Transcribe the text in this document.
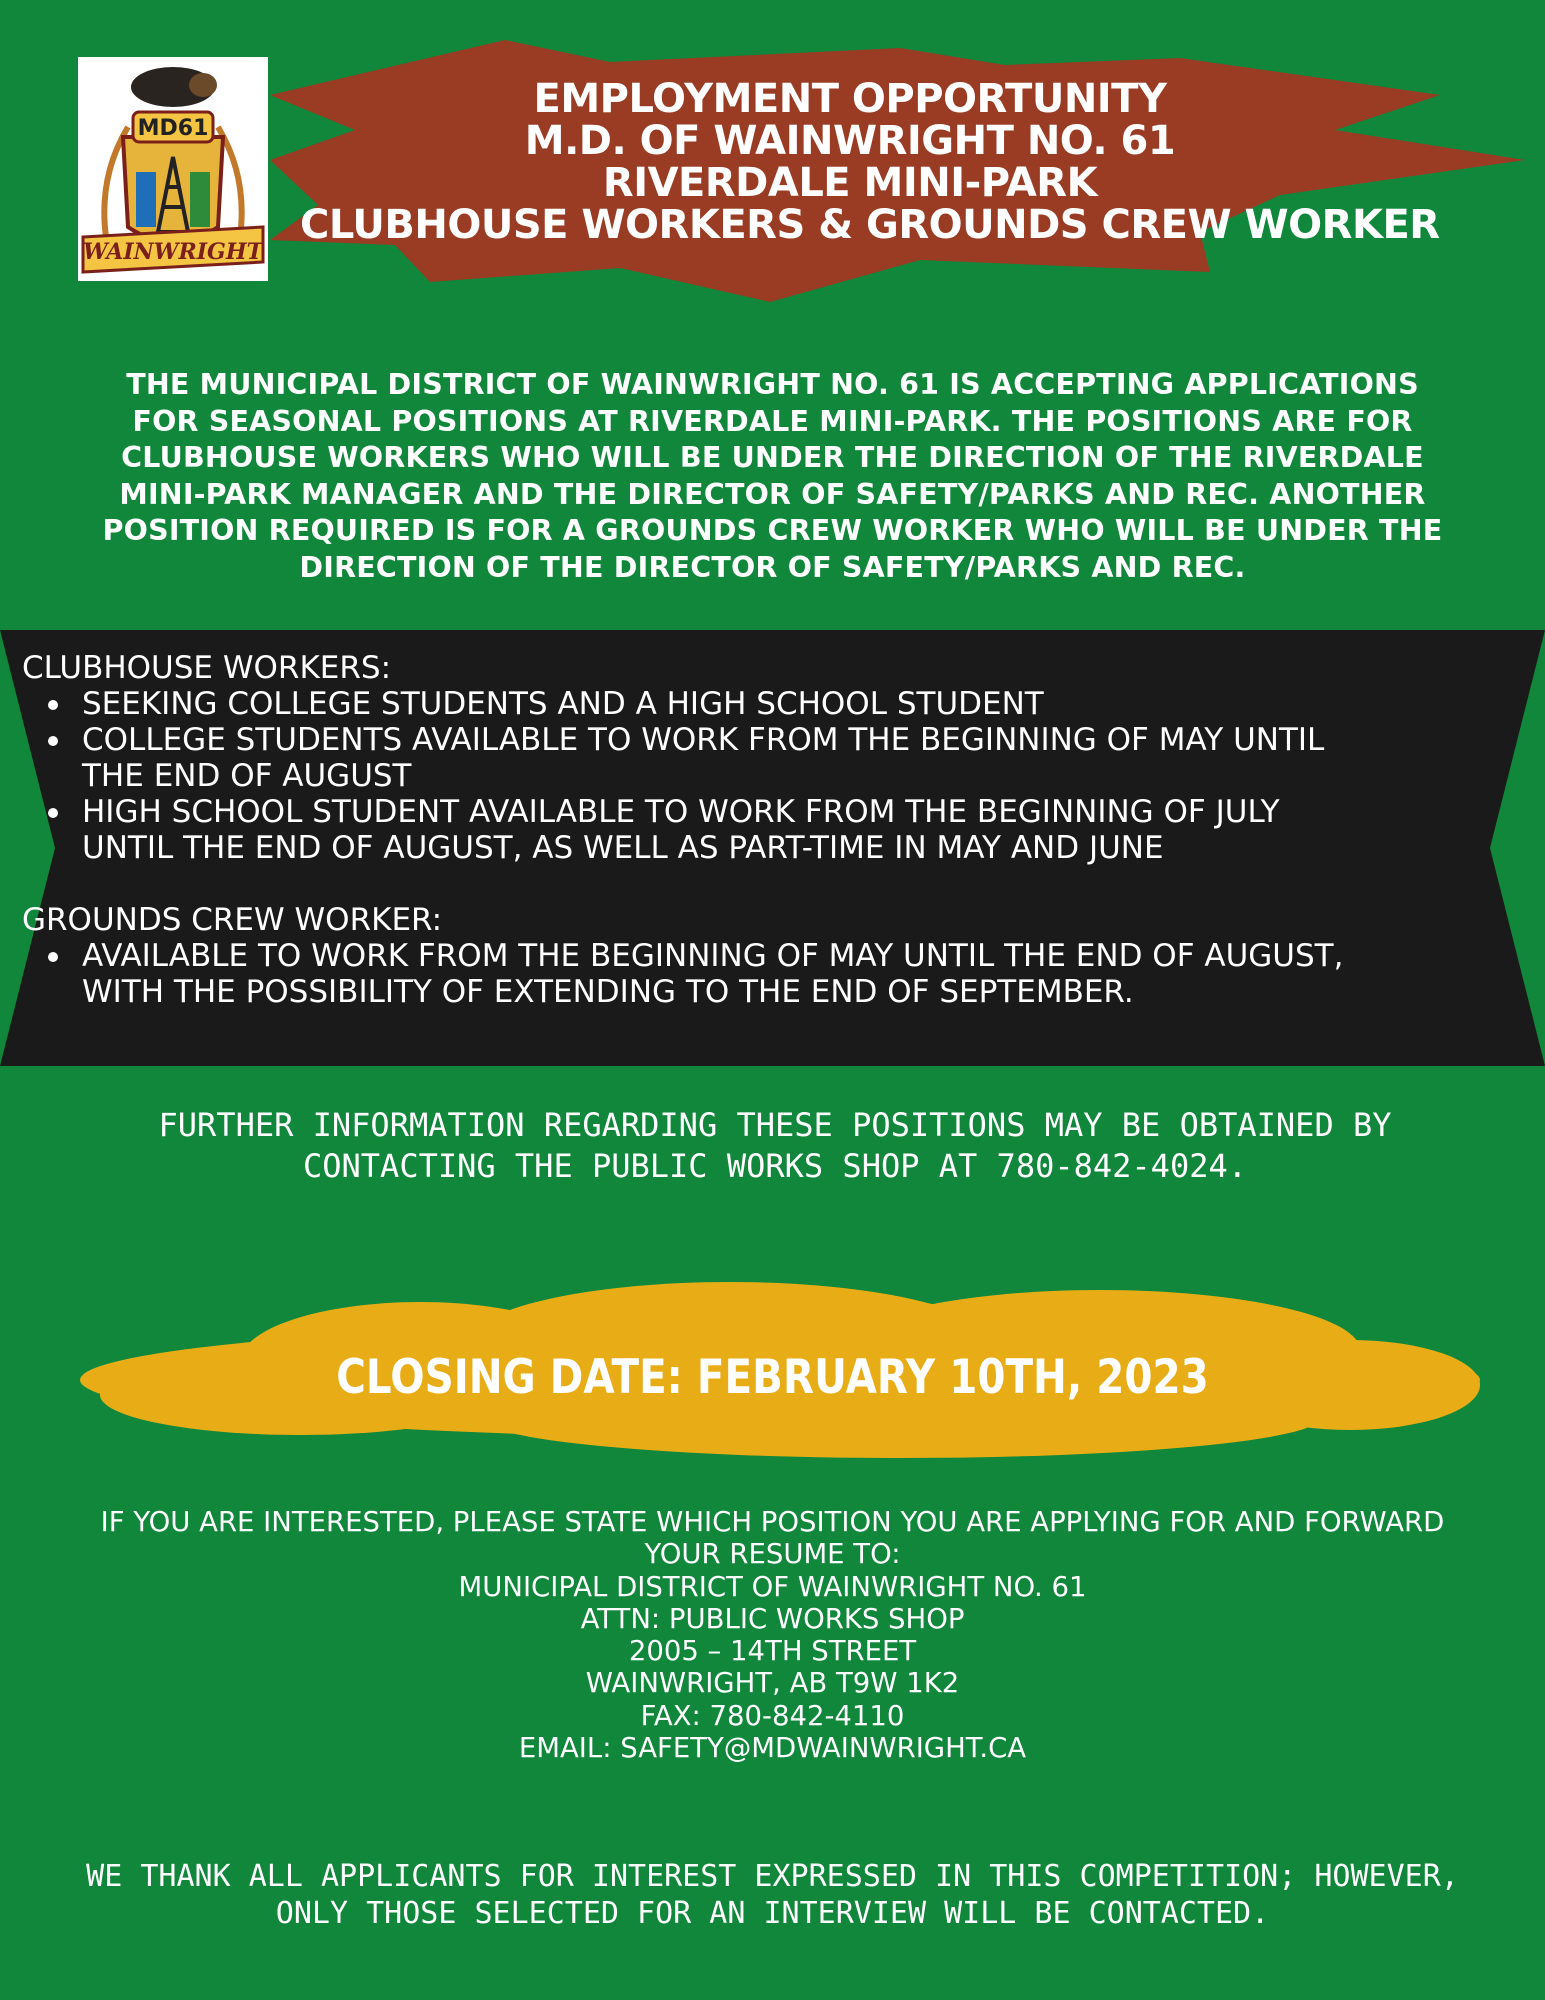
MD61
WAINWRIGHT
EMPLOYMENT OPPORTUNITY
M.D. OF WAINWRIGHT NO. 61
RIVERDALE MINI-PARK
CLUBHOUSE WORKERS & GROUNDS CREW WORKER
THE MUNICIPAL DISTRICT OF WAINWRIGHT NO. 61 IS ACCEPTING APPLICATIONS
FOR SEASONAL POSITIONS AT RIVERDALE MINI-PARK. THE POSITIONS ARE FOR
CLUBHOUSE WORKERS WHO WILL BE UNDER THE DIRECTION OF THE RIVERDALE
MINI-PARK MANAGER AND THE DIRECTOR OF SAFETY/PARKS AND REC. ANOTHER
POSITION REQUIRED IS FOR A GROUNDS CREW WORKER WHO WILL BE UNDER THE
DIRECTION OF THE DIRECTOR OF SAFETY/PARKS AND REC.
CLUBHOUSE WORKERS:
SEEKING COLLEGE STUDENTS AND A HIGH SCHOOL STUDENT
COLLEGE STUDENTS AVAILABLE TO WORK FROM THE BEGINNING OF MAY UNTIL
THE END OF AUGUST
HIGH SCHOOL STUDENT AVAILABLE TO WORK FROM THE BEGINNING OF JULY
UNTIL THE END OF AUGUST, AS WELL AS PART-TIME IN MAY AND JUNE
GROUNDS CREW WORKER:
AVAILABLE TO WORK FROM THE BEGINNING OF MAY UNTIL THE END OF AUGUST,
WITH THE POSSIBILITY OF EXTENDING TO THE END OF SEPTEMBER.
FURTHER INFORMATION REGARDING THESE POSITIONS MAY BE OBTAINED BY
CONTACTING THE PUBLIC WORKS SHOP AT 780-842-4024.
CLOSING DATE: FEBRUARY 10TH, 2023
IF YOU ARE INTERESTED, PLEASE STATE WHICH POSITION YOU ARE APPLYING FOR AND FORWARD
YOUR RESUME TO:
MUNICIPAL DISTRICT OF WAINWRIGHT NO. 61
ATTN: PUBLIC WORKS SHOP
2005 – 14TH STREET
WAINWRIGHT, AB T9W 1K2
FAX: 780-842-4110
EMAIL: SAFETY@MDWAINWRIGHT.CA
WE THANK ALL APPLICANTS FOR INTEREST EXPRESSED IN THIS COMPETITION; HOWEVER,
ONLY THOSE SELECTED FOR AN INTERVIEW WILL BE CONTACTED.
